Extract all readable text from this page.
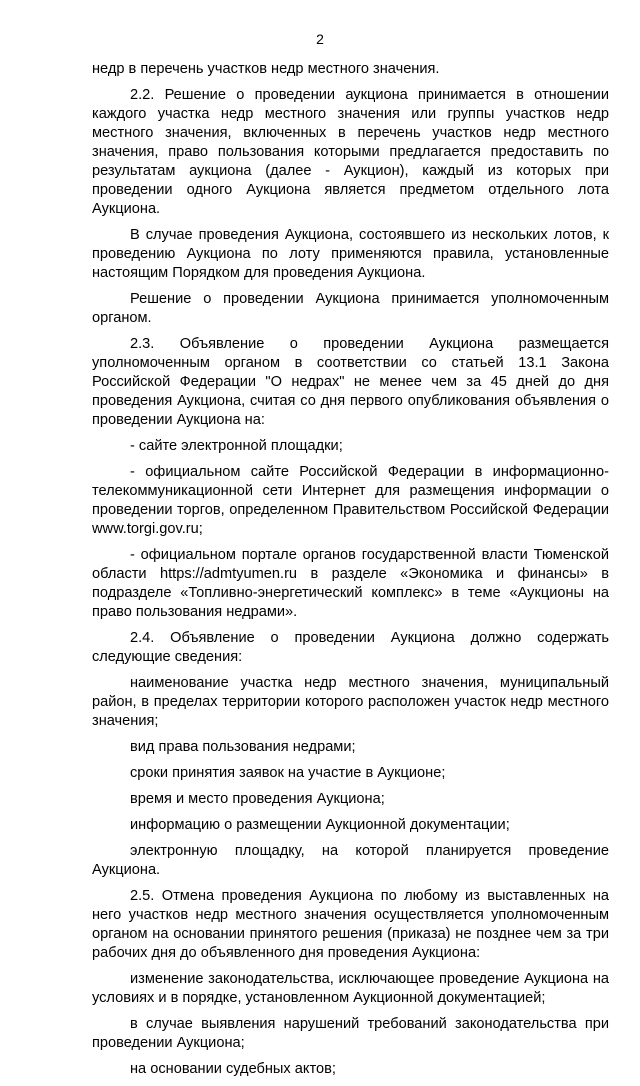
2

недр в перечень участков недр местного значения.

2.2. Решение о проведении аукциона принимается в отношении каждого участка недр местного значения или группы участков недр местного значения, включенных в перечень участков недр местного значения, право пользования которыми предлагается предоставить по результатам аукциона (далее - Аукцион), каждый из которых при проведении одного Аукциона является предметом отдельного лота Аукциона.

В случае проведения Аукциона, состоявшего из нескольких лотов, к проведению Аукциона по лоту применяются правила, установленные настоящим Порядком для проведения Аукциона.

Решение о проведении Аукциона принимается уполномоченным органом.

2.3. Объявление о проведении Аукциона размещается уполномоченным органом в соответствии со статьей 13.1 Закона Российской Федерации "О недрах" не менее чем за 45 дней до дня проведения Аукциона, считая со дня первого опубликования объявления о проведении Аукциона на:

- сайте электронной площадки;

- официальном сайте Российской Федерации в информационно-телекоммуникационной сети Интернет для размещения информации о проведении торгов, определенном Правительством Российской Федерации www.torgi.gov.ru;

- официальном портале органов государственной власти Тюменской области https://admtyumen.ru в разделе «Экономика и финансы» в подразделе «Топливно-энергетический комплекс» в теме «Аукционы на право пользования недрами».

2.4. Объявление о проведении Аукциона должно содержать следующие сведения:

наименование участка недр местного значения, муниципальный район, в пределах территории которого расположен участок недр местного значения;

вид права пользования недрами;

сроки принятия заявок на участие в Аукционе;

время и место проведения Аукциона;

информацию о размещении Аукционной документации;

электронную площадку, на которой планируется проведение Аукциона.

2.5. Отмена проведения Аукциона по любому из выставленных на него участков недр местного значения осуществляется уполномоченным органом на основании принятого решения (приказа) не позднее чем за три рабочих дня до объявленного дня проведения Аукциона:

изменение законодательства, исключающее проведение Аукциона на условиях и в порядке, установленном Аукционной документацией;

в случае выявления нарушений требований законодательства при проведении Аукциона;

на основании судебных актов;
